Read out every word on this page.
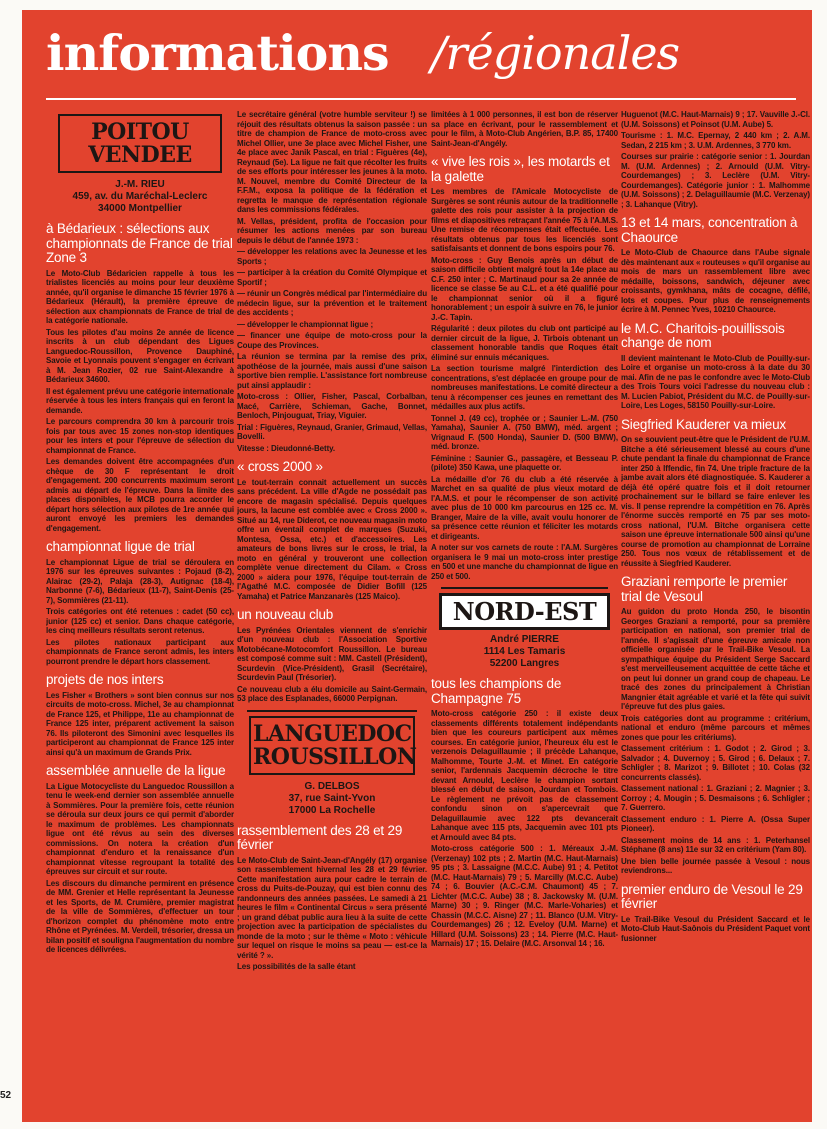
informations /régionales
POITOU
VENDEE
J.-M. RIEU
459, av. du Maréchal-Leclerc
34000 Montpellier
à Bédarieux : sélections aux championnats de France de trial Zone 3

Le Moto-Club Bédaricien rappelle à tous les trialistes licenciés au moins pour leur deuxième année, qu'il organise le dimanche 15 février 1976 à Bédarieux (Hérault), la première épreuve de sélection aux championnats de France de trial de la catégorie nationale.

Tous les pilotes d'au moins 2e année de licence inscrits à un club dépendant des Ligues Languedoc-Roussillon, Provence Dauphiné, Savoie et Lyonnais pouvent s'engager en écrivant à M. Jean Rozier, 02 rue Saint-Alexandre à Bédarieux 34600.

Il est également prévu une catégorie internationale réservée à tous les inters français qui en feront la demande.

Le parcours comprendra 30 km à parcourir trois fois par tous avec 15 zones non-stop identiques pour les inters et pour l'épreuve de sélection du championnat de France.

Les demandes doivent être accompagnées d'un chèque de 30 F représentant le droit d'engagement. 200 concurrents maximum seront admis au départ de l'épreuve. Dans la limite des places disponibles, le MCB pourra accorder le départ hors sélection aux pilotes de 1re année qui auront envoyé les premiers les demandes d'engagement.

championnat ligue de trial

Le championnat Ligue de trial se déroulera en 1976 sur les épreuves suivantes : Pojaud (8-2), Alairac (29-2), Palaja (28-3), Autignac (18-4), Narbonne (7-6), Bédarieux (11-7), Saint-Denis (25-7), Sommières (21-11).

Trois catégories ont été retenues : cadet (50 cc), junior (125 cc) et senior. Dans chaque catégorie, les cinq meilleurs résultats seront retenus.

Les pilotes nationaux participant aux championnats de France seront admis, les inters pourront prendre le départ hors classement.

projets de nos inters

Les Fisher « Brothers » sont bien connus sur nos circuits de moto-cross. Michel, 3e au championnat de France 125, et Philippe, 11e au championnat de France 125 inter, préparent activement la saison 76. Ils piloteront des Simonini avec lesquelles ils participeront au championnat de France 125 inter ainsi qu'à un maximum de Grands Prix.

assemblée annuelle de la ligue

La Ligue Motocycliste du Languedoc Roussillon a tenu le week-end dernier son assemblée annuelle à Sommières. Pour la première fois, cette réunion se déroula sur deux jours ce qui permit d'aborder le maximum de problèmes. Les championnats ligue ont été révus au sein des diverses commissions. On notera la création d'un championnat d'enduro et la renaissance d'un championnat vitesse regroupant la totalité des épreuves sur circuit et sur route.

Les discours du dimanche permirent en présence de MM. Grenier et Helle représentant la Jeunesse et les Sports, de M. Crumière, premier magistrat de la ville de Sommières, d'effectuer un tour d'horizon complet du phénomène moto entre Rhône et Pyrénées. M. Verdeil, trésorier, dressa un bilan positif et souligna l'augmentation du nombre de licences délivrées.

Le secrétaire général (votre humble serviteur !) se réjouit des résultats obtenus la saison passée : un titre de champion de France de moto-cross avec Michel Ollier, une 3e place avec Michel Fisher, une 4e place avec Janik Pascal, en trial : Figuères (4e), Reynaud (5e). La ligue ne fait que récolter les fruits de ses efforts pour intéresser les jeunes à la moto. M. Nouvel, membre du Comité Directeur de la F.F.M., exposa la politique de la fédération et regretta le manque de représentation régionale dans les commissions fédérales.

M. Vellas, président, profita de l'occasion pour résumer les actions menées par son bureau depuis le début de l'année 1973 :

— développer les relations avec la Jeunesse et les Sports ;

— participer à la création du Comité Olympique et Sportif ;

— réunir un Congrès médical par l'intermédiaire du médecin ligue, sur la prévention et le traitement des accidents ;

— développer le championnat ligue ;

— financer une équipe de moto-cross pour la Coupe des Provinces.

La réunion se termina par la remise des prix, apothéose de la journée, mais aussi d'une saison sportive bien remplie. L'assistance fort nombreuse put ainsi applaudir :

Moto-cross : Ollier, Fisher, Pascal, Corbalban, Macé, Carrière, Schieman, Gache, Bonnet, Benloch, Pinjouguat, Triay, Viguier.

Trial : Figuères, Reynaud, Granier, Grimaud, Vellas, Bovelli.

Vitesse : Dieudonné-Betty.

« cross 2000 »

Le tout-terrain connait actuellement un succès sans précédent. La ville d'Agde ne possédait pas encore de magasin spécialisé. Depuis quelques jours, la lacune est comblée avec « Cross 2000 ». Situé au 14, rue Diderot, ce nouveau magasin moto offre un éventail complet de marques (Suzuki, Montesa, Ossa, etc.) et d'accessoires. Les amateurs de bons livres sur le cross, le trial, la moto en général y trouveront une collection complète venue directement du Cilam. « Cross 2000 » aidera pour 1976, l'équipe tout-terrain de l'Agathé M.C. composée de Didier Bofill (125 Yamaha) et Patrice Manzanarès (125 Maico).

un nouveau club

Les Pyrénées Orientales viennent de s'enrichir d'un nouveau club : l'Association Sportive Motobécane-Motocomfort Roussillon. Le bureau est composé comme suit : MM. Castell (Président), Scurdevin (Vice-Président), Grasil (Secrétaire), Scurdevin Paul (Trésorier).

Ce nouveau club a élu domicile au Saint-Germain, 53 place des Esplanades, 66000 Perpignan.

LANGUEDOC
ROUSSILLON
G. DELBOS
37, rue Saint-Yvon
17000 La Rochelle
rassemblement des 28 et 29 février

Le Moto-Club de Saint-Jean-d'Angély (17) organise son rassemblement hivernal les 28 et 29 février. Cette manifestation aura pour cadre le terrain de cross du Puits-de-Pouzay, qui est bien connu des randonneurs des années passées. Le samedi à 21 heures le film « Continental Circus » sera présenté ; un grand débat public aura lieu à la suite de cette projection avec la participation de spécialistes du monde de la moto ; sur le thème « Moto : véhicule sur lequel on risque le moins sa peau — est-ce la vérité ? ».

Les possibilités de la salle étant

limitées à 1 000 personnes, il est bon de réserver sa place en écrivant, pour le rassemblement et pour le film, à Moto-Club Angérien, B.P. 85, 17400 Saint-Jean-d'Angély.

« vive les rois », les motards et la galette

Les membres de l'Amicale Motocycliste de Surgères se sont réunis autour de la traditionnelle galette des rois pour assister à la projection de films et diapositives retraçant l'année 75 à l'A.M.S. Une remise de récompenses était effectuée. Les résultats obtenus par tous les licenciés sont satisfaisants et donnent de bons espoirs pour 76.

Moto-cross : Guy Benois après un début de saison difficile obtient malgré tout la 14e place au C.F. 250 inter ; C. Martinaud pour sa 2e année de licence se classe 5e au C.L. et a été qualifié pour le championnat senior où il a figuré honorablement ; un espoir à suivre en 76, le junior J.-C. Tapin.

Régularité : deux pilotes du club ont participé au dernier circuit de la ligue, J. Tirbois obtenant un classement honorable tandis que Roques était éliminé sur ennuis mécaniques.

La section tourisme malgré l'interdiction des concentrations, s'est déplacée en groupe pour de nombreuses manifestations. Le comité directeur a tenu à récompenser ces jeunes en remettant des médailles aux plus actifs.

Tonnel J. (49 cc), trophée or ; Saunier L.-M. (750 Yamaha), Saunier A. (750 BMW), méd. argent ; Vrignaud F. (500 Honda), Saunier D. (500 BMW), méd. bronze.

Féminine : Saunier G., passagère, et Besseau P. (pilote) 350 Kawa, une plaquette or.

La médaille d'or 76 du club a été réservée à Marchet en sa qualité de plus vieux motard de l'A.M.S. et pour le récompenser de son activité avec plus de 10 000 km parcourus en 125 cc. M. Branger, Maire de la ville, avait voulu honorer de sa présence cette réunion et féliciter les motards et dirigeants.

A noter sur vos carnets de route : l'A.M. Surgères organisera le 9 mai un moto-cross inter prestige en 500 et une manche du championnat de ligue en 250 et 500.

NORD-EST
André PIERRE
1114 Les Tamaris
52200 Langres
tous les champions de Champagne 75

Moto-cross catégorie 250 : il existe deux classements différents totalement indépendants bien que les coureurs participent aux mêmes courses. En catégorie junior, l'heureux élu est le verzenois Delaguillaumie ; il précède Lahanque, Malhomme, Tourte J.-M. et Minet. En catégorie senior, l'ardennais Jacquemin décroche le titre devant Arnould, Leclère le champion sortant blessé en début de saison, Jourdan et Tombois. Le règlement ne prévoit pas de classement confondu sinon on s'apercevrait que Delaguillaumie avec 122 pts devancerait Lahanque avec 115 pts, Jacquemin avec 101 pts et Arnould avec 84 pts.

Moto-cross catégorie 500 : 1. Méreaux J.-M. (Verzenay) 102 pts ; 2. Martin (M.C. Haut-Marnais) 95 pts ; 3. Lassaigne (M.C.C. Aube) 91 ; 4. Petitot (M.C. Haut-Marnais) 79 ; 5. Marcilly (M.C.C. Aube) 74 ; 6. Bouvier (A.C.-C.M. Chaumont) 45 ; 7. Lichter (M.C.C. Aube) 38 ; 8. Jackowsky M. (U.M. Marne) 30 ; 9. Ringer (M.C. Marle-Voharies) et Chassin (M.C.C. Aisne) 27 ; 11. Blanco (U.M. Vitry-Courdemanges) 26 ; 12. Eveloy (U.M. Marne) et Hillard (U.M. Soissons) 23 ; 14. Pierre (M.C. Haut-Marnais) 17 ; 15. Delaire (M.C. Arsonval 14 ; 16.

Huguenot (M.C. Haut-Marnais) 9 ; 17. Vauville J.-Cl. (U.M. Soissons) et Poinsot (U.M. Aube) 5.

Tourisme : 1. M.C. Epernay, 2 440 km ; 2. A.M. Sedan, 2 215 km ; 3. U.M. Ardennes, 3 770 km.

Courses sur prairie : catégorie senior : 1. Jourdan M. (U.M. Ardennes) ; 2. Arnould (U.M. Vitry-Courdemanges) ; 3. Leclère (U.M. Vitry-Courdemanges). Catégorie junior : 1. Malhomme (U.M. Soissons) ; 2. Delaguillaumie (M.C. Verzenay) ; 3. Lahanque (Vitry).

13 et 14 mars, concentration à Chaource

Le Moto-Club de Chaource dans l'Aube signale dès maintenant aux « routeuses » qu'il organise au mois de mars un rassemblement libre avec médaille, boissons, sandwich, déjeuner avec croissants, gymkhana, mâts de cocagne, défilé, lots et coupes. Pour plus de renseignements écrire à M. Pennec Yves, 10210 Chaource.

le M.C. Charitois-pouillissois change de nom

Il devient maintenant le Moto-Club de Pouilly-sur-Loire et organise un moto-cross à la date du 30 mai. Afin de ne pas le confondre avec le Moto-Club des Trois Tours voici l'adresse du nouveau club : M. Lucien Pabiot, Président du M.C. de Pouilly-sur-Loire, Les Loges, 58150 Pouilly-sur-Loire.

Siegfried Kauderer va mieux

On se souvient peut-être que le Président de l'U.M. Bitche a été sérieusement blessé au cours d'une chute pendant la finale du championnat de France inter 250 à Iffendic, fin 74. Une triple fracture de la jambe avait alors été diagnostiquée. S. Kauderer a déjà été opéré quatre fois et il doit retourner prochainement sur le billard se faire enlever les vis. Il pense reprendre la compétition en 76. Après l'énorme succès remporté en 75 par ses moto-cross national, l'U.M. Bitche organisera cette saison une épreuve internationale 500 ainsi qu'une course de promotion au championnat de Lorraine 250. Tous nos vœux de rétablissement et de réussite à Siegfried Kauderer.

Graziani remporte le premier trial de Vesoul

Au guidon du proto Honda 250, le bisontin Georges Graziani a remporté, pour sa première participation en national, son premier trial de l'année. Il s'agissait d'une épreuve amicale non officielle organisée par le Trail-Bike Vesoul. La sympathique équipe du Président Serge Saccard s'est merveilleusement acquittée de cette tâche et on peut lui donner un grand coup de chapeau. Le tracé des zones du principalement à Christian Mangnier était agréable et varié et la fête qui suivit l'épreuve fut des plus gaies.

Trois catégories dont au programme : critérium, national et enduro (même parcours et mêmes zones que pour les critériums).

Classement critérium : 1. Godot ; 2. Girod ; 3. Salvador ; 4. Duvernoy ; 5. Girod ; 6. Delaux ; 7. Schligler ; 8. Marizot ; 9. Billotet ; 10. Colas (32 concurrents classés).

Classement national : 1. Graziani ; 2. Magnier ; 3. Corroy ; 4. Mougin ; 5. Desmaisons ; 6. Schligler ; 7. Guerrero.

Classement enduro : 1. Pierre A. (Ossa Super Pioneer).

Classement moins de 14 ans : 1. Peterhansel Stéphane (8 ans) 11e sur 32 en critérium (Yam 80).

Une bien belle journée passée à Vesoul : nous reviendrons...

premier enduro de Vesoul le 29 février

Le Trail-Bike Vesoul du Président Saccard et le Moto-Club Haut-Saônois du Président Paquet vont fusionner

52
